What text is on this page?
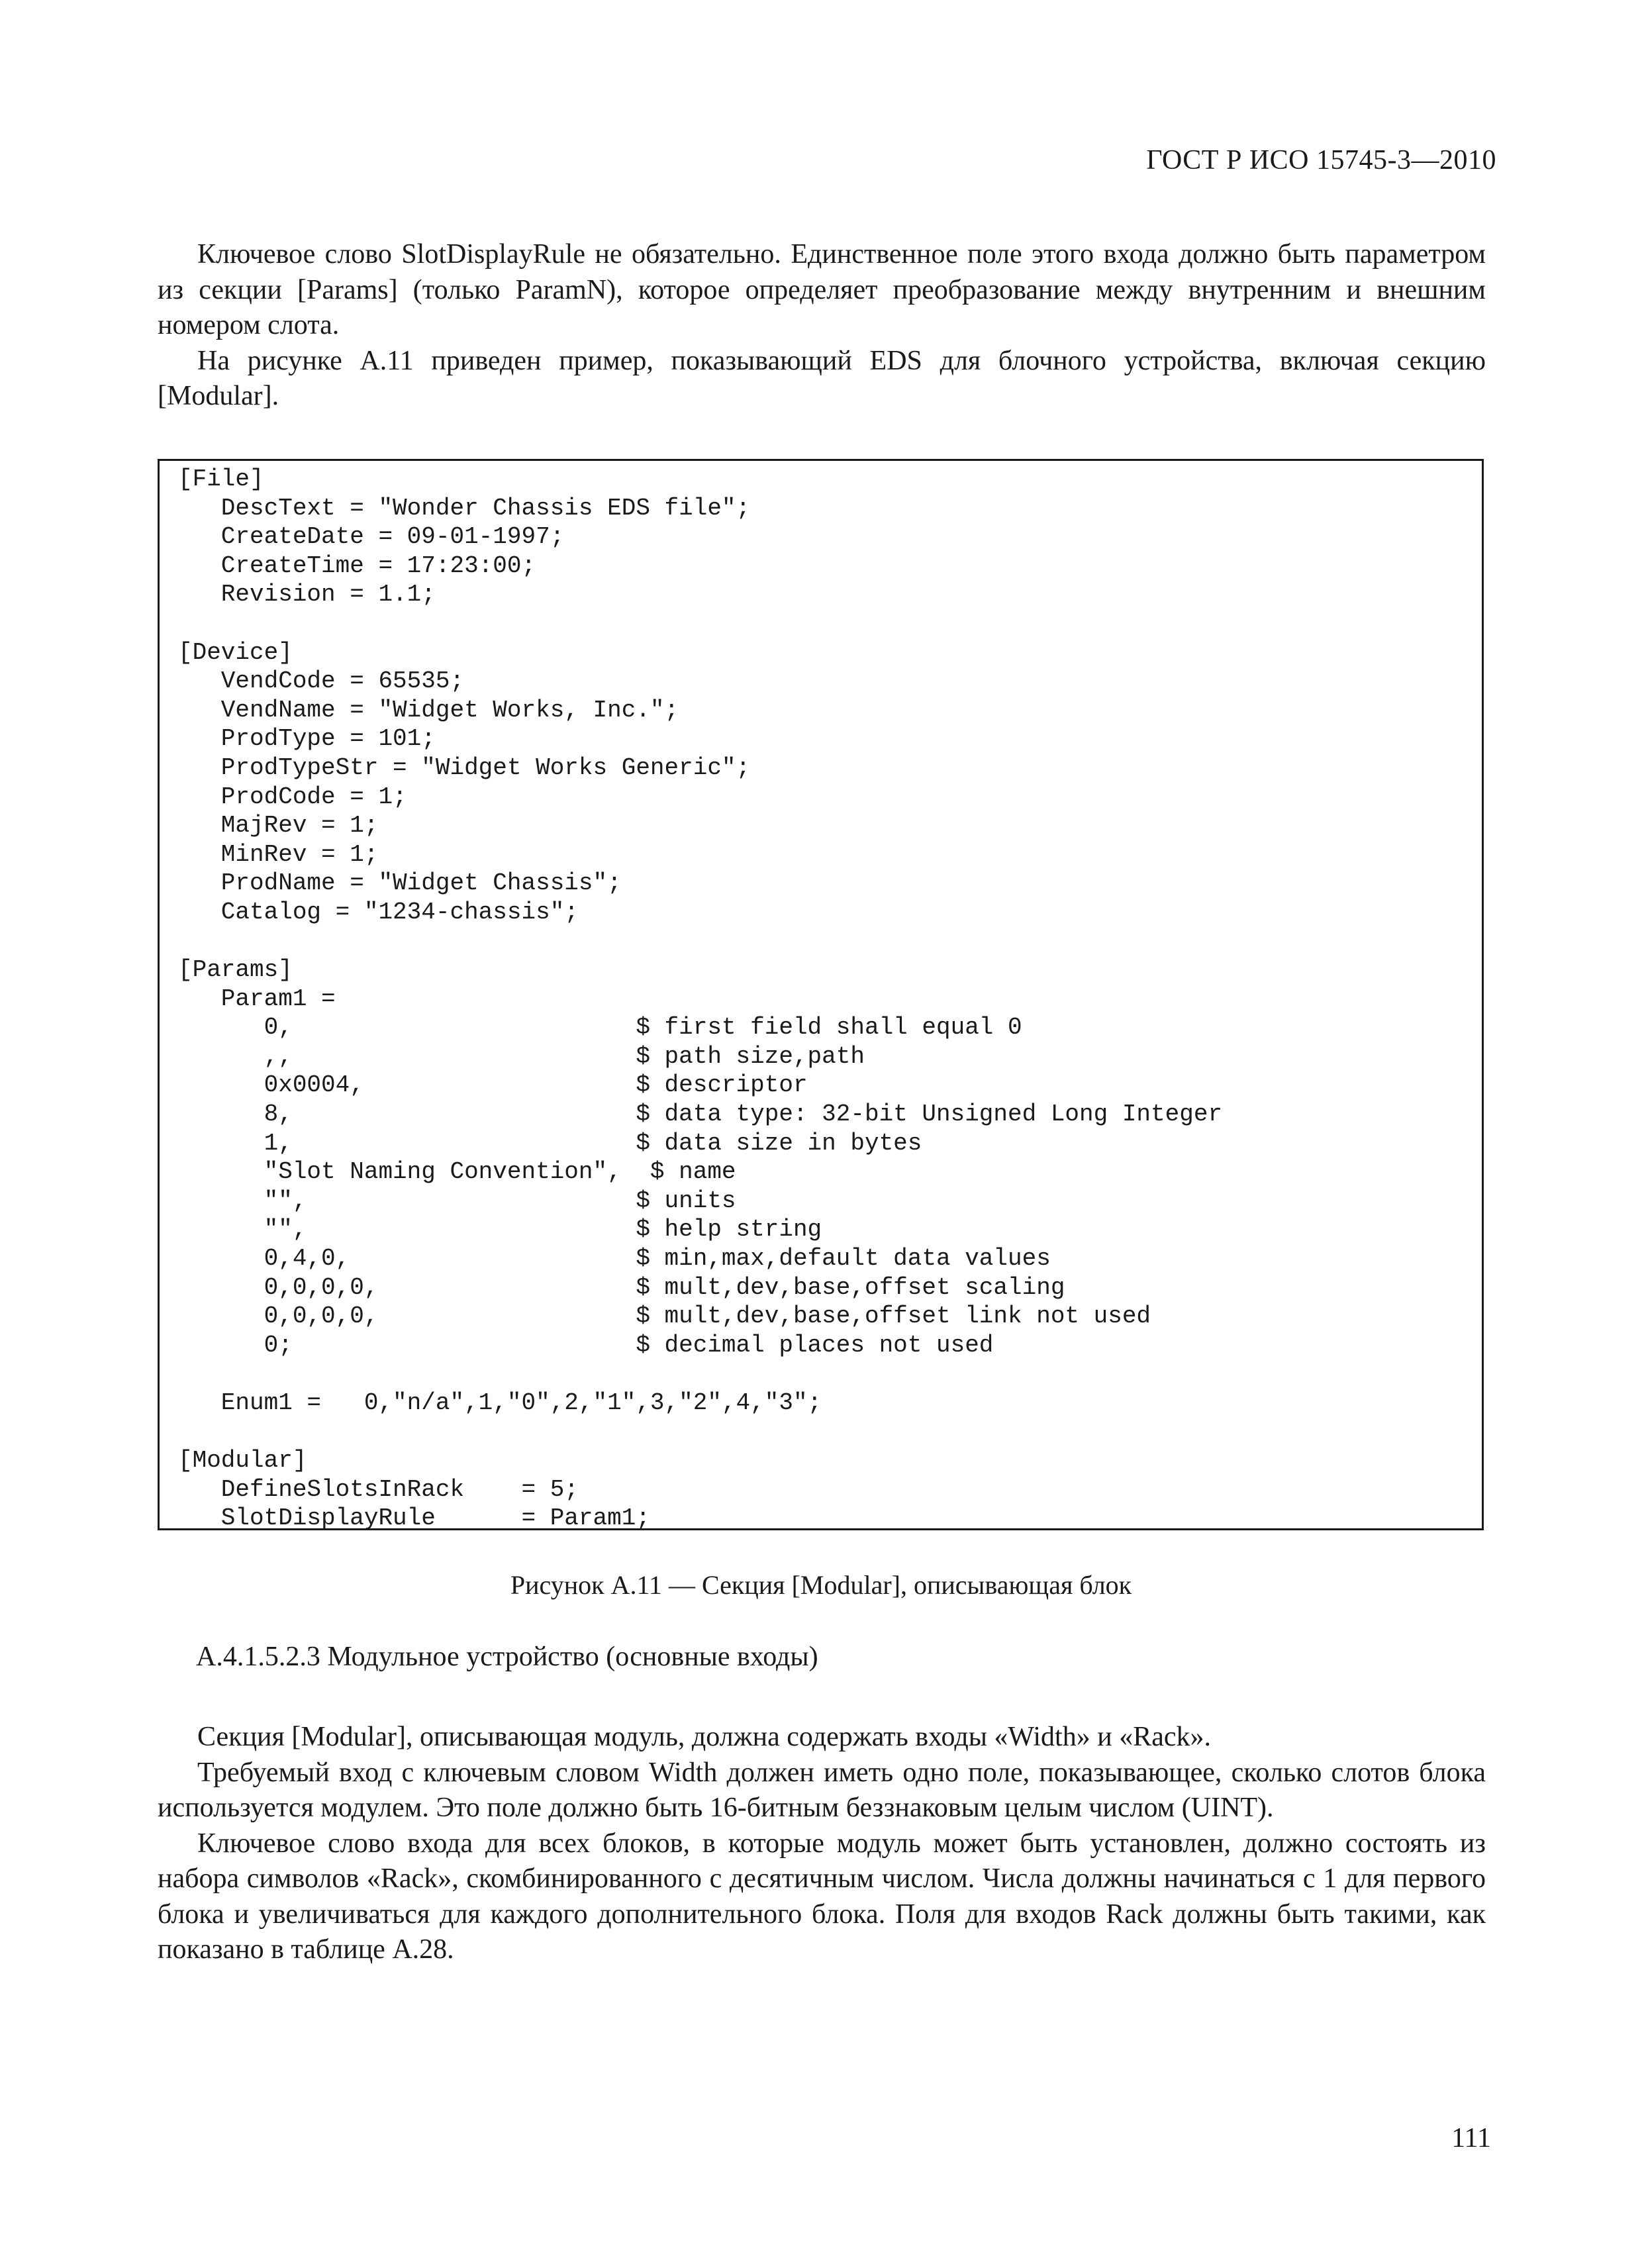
ГОСТ Р ИСО 15745-3—2010

Ключевое слово SlotDisplayRule не обязательно. Единственное поле этого входа должно быть параметром из секции [Params] (только ParamN), которое определяет преобразование между внутренним и внешним номером слота.

На рисунке А.11 приведен пример, показывающий EDS для блочного устройства, включая секцию [Modular].

[File]
DescText = "Wonder Chassis EDS file";
CreateDate = 09-01-1997;
CreateTime = 17:23:00;
Revision = 1.1;
[Device]
VendCode = 65535;
VendName = "Widget Works, Inc.";
ProdType = 101;
ProdTypeStr = "Widget Works Generic";
ProdCode = 1;
MajRev = 1;
MinRev = 1;
ProdName = "Widget Chassis";
Catalog = "1234-chassis";
[Params]
Param1 =
0,                        $ first field shall equal 0
,,                        $ path size,path
0x0004,                   $ descriptor
8,                        $ data type: 32-bit Unsigned Long Integer
1,                        $ data size in bytes
"Slot Naming Convention",  $ name
"",                       $ units
"",                       $ help string
0,4,0,                    $ min,max,default data values
0,0,0,0,                  $ mult,dev,base,offset scaling
0,0,0,0,                  $ mult,dev,base,offset link not used
0;                        $ decimal places not used
Enum1 =   0,"n/a",1,"0",2,"1",3,"2",4,"3";
[Modular]
DefineSlotsInRack    = 5;
SlotDisplayRule      = Param1;
Рисунок А.11 — Секция [Modular], описывающая блок
А.4.1.5.2.3 Модульное устройство (основные входы)

Секция [Modular], описывающая модуль, должна содержать входы «Width» и «Rack».

Требуемый вход с ключевым словом Width должен иметь одно поле, показывающее, сколько слотов блока используется модулем. Это поле должно быть 16-битным беззнаковым целым числом (UINT).

Ключевое слово входа для всех блоков, в которые модуль может быть установлен, должно состоять из набора символов «Rack», скомбинированного с десятичным числом. Числа должны начинаться с 1 для первого блока и увеличиваться для каждого дополнительного блока. Поля для входов Rack должны быть такими, как показано в таблице А.28.

111
